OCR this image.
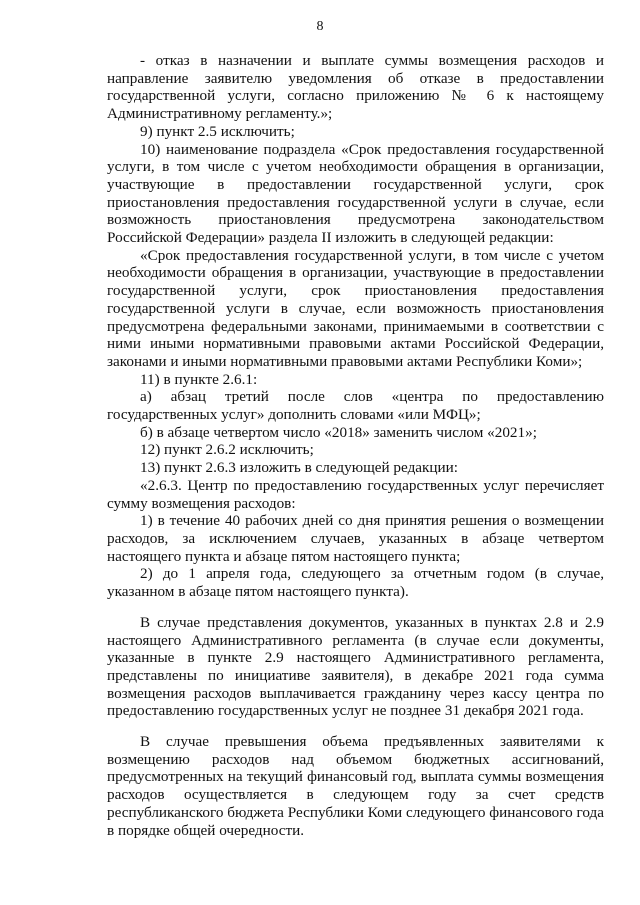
8

- отказ в назначении и выплате суммы возмещения расходов и направление заявителю уведомления об отказе в предоставлении государственной услуги, согласно приложению № 6 к настоящему Административному регламенту.»;

9) пункт 2.5 исключить;

10) наименование подраздела «Срок предоставления государственной услуги, в том числе с учетом необходимости обращения в организации, участвующие в предоставлении государственной услуги, срок приостановления предоставления государственной услуги в случае, если возможность приостановления предусмотрена законодательством Российской Федерации» раздела II изложить в следующей редакции:

«Срок предоставления государственной услуги, в том числе с учетом необходимости обращения в организации, участвующие в предоставлении государственной услуги, срок приостановления предоставления государственной услуги в случае, если возможность приостановления предусмотрена федеральными законами, принимаемыми в соответствии с ними иными нормативными правовыми актами Российской Федерации, законами и иными нормативными правовыми актами Республики Коми»;

11) в пункте 2.6.1:

а) абзац третий после слов «центра по предоставлению государственных услуг» дополнить словами «или МФЦ»;

б) в абзаце четвертом число «2018» заменить числом «2021»;

12) пункт 2.6.2 исключить;

13) пункт 2.6.3 изложить в следующей редакции:

«2.6.3. Центр по предоставлению государственных услуг перечисляет сумму возмещения расходов:

1) в течение 40 рабочих дней со дня принятия решения о возмещении расходов, за исключением случаев, указанных в абзаце четвертом настоящего пункта и абзаце пятом настоящего пункта;

2) до 1 апреля года, следующего за отчетным годом (в случае, указанном в абзаце пятом настоящего пункта).

В случае представления документов, указанных в пунктах 2.8 и 2.9 настоящего Административного регламента (в случае если документы, указанные в пункте 2.9 настоящего Административного регламента, представлены по инициативе заявителя), в декабре 2021 года сумма возмещения расходов выплачивается гражданину через кассу центра по предоставлению государственных услуг не позднее 31 декабря 2021 года.

В случае превышения объема предъявленных заявителями к возмещению расходов над объемом бюджетных ассигнований, предусмотренных на текущий финансовый год, выплата суммы возмещения расходов осуществляется в следующем году за счет средств республиканского бюджета Республики Коми следующего финансового года в порядке общей очередности.
